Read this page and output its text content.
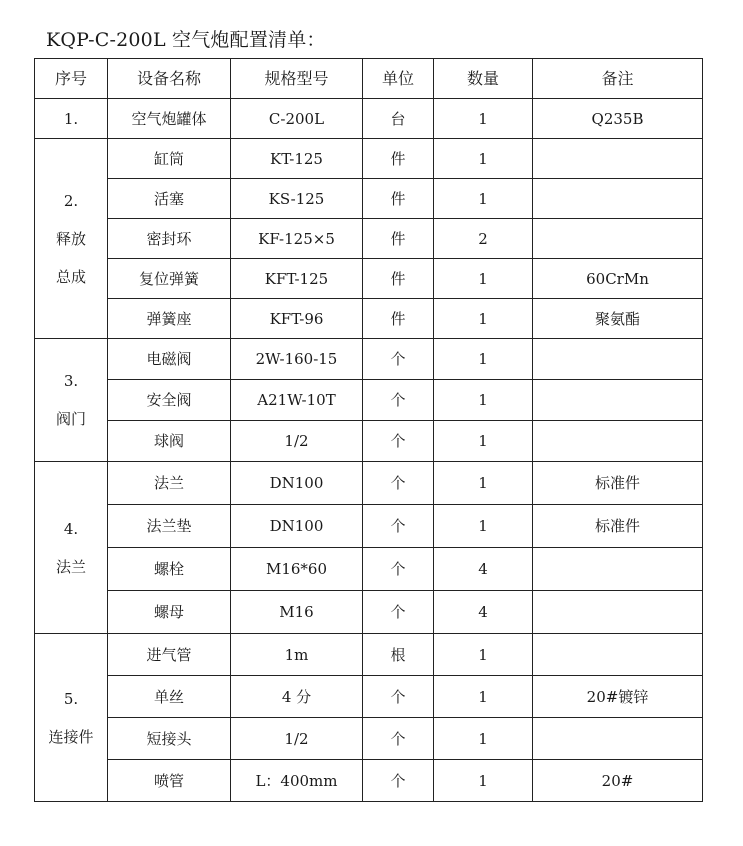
KQP-C-200L 空气炮配置清单：
序号	设备名称	规格型号	单位	数量	备注

1.	空气炮罐体	C-200L	台	1	Q235B

2.
释放
总成	缸筒	KT-125	件	1	
	活塞	KS-125	件	1	
	密封环	KF-125×5	件	2	
	复位弹簧	KFT-125	件	1	60CrMn
	弹簧座	KFT-96	件	1	聚氨酯

3.
阀门	电磁阀	2W-160-15	个	1	
	安全阀	A21W-10T	个	1	
	球阀	1/2	个	1	

4.
法兰	法兰	DN100	个	1	标准件
	法兰垫	DN100	个	1	标准件
	螺栓	M16*60	个	4	
	螺母	M16	个	4	

5.
连接件	进气管	1m	根	1	
	单丝	4 分	个	1	20#镀锌
	短接头	1/2	个	1	
	喷管	L：400mm	个	1	20#
